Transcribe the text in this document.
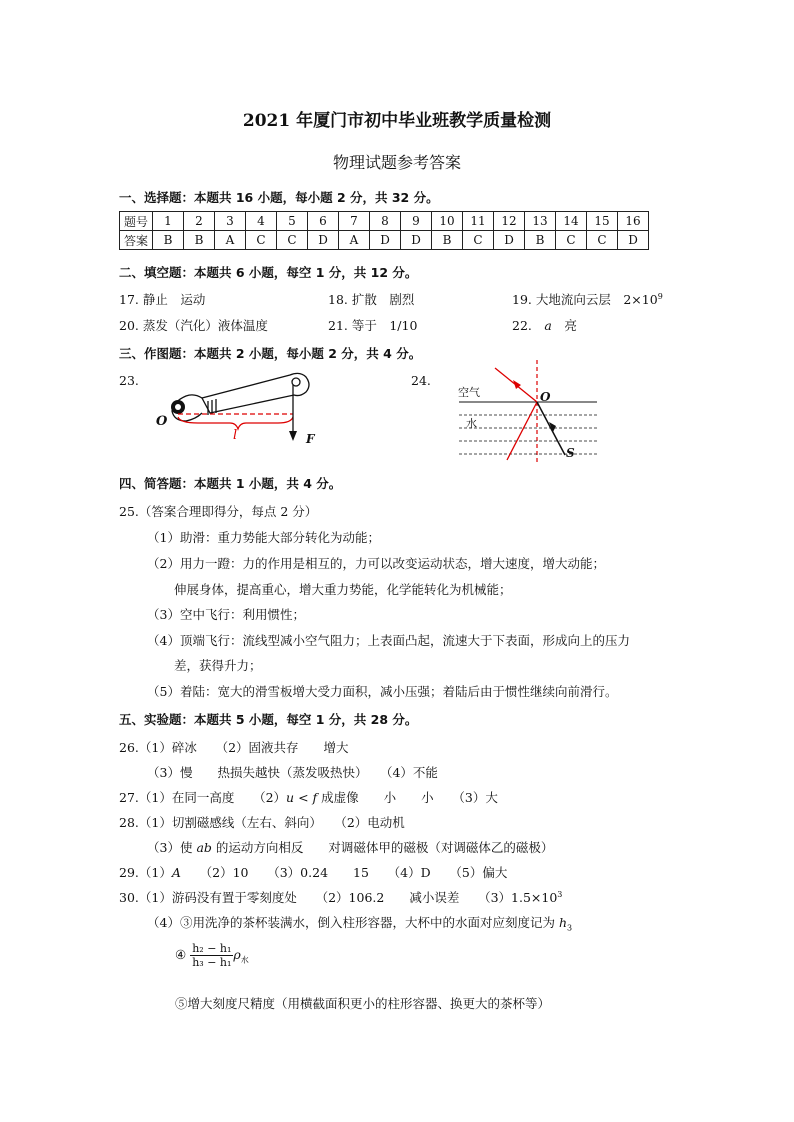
2021 年厦门市初中毕业班教学质量检测
物理试题参考答案
一、选择题：本题共 16 小题，每小题 2 分，共 32 分。
题号	1	2	3	4	5	6	7	8	9	10	11	12	13	14	15	16
答案	B	B	A	C	C	D	A	D	D	B	C	D	B	C	C	D
二、填空题：本题共 6 小题，每空 1 分，共 12 分。
17. 静止　运动	18. 扩散　剧烈	19. 大地流向云层　$2\times 10^9$
20. 蒸发（汽化）液体温度	21. 等于　1/10	22.　 a　 亮
三、作图题：本题共 2 小题，每小题 2 分，共 4 分。
23.	24.
O
l	F
空气
水
O
S
四、简答题：本题共 1 小题，共 4 分。
25.（答案合理即得分，每点 2 分）
（1）助滑：重力势能大部分转化为动能；
（2）用力一蹬：力的作用是相互的，力可以改变运动状态，增大速度，增大动能；
伸展身体，提高重心，增大重力势能，化学能转化为机械能；
（3）空中飞行：利用惯性；
（4）顶端飞行：流线型减小空气阻力；上表面凸起，流速大于下表面，形成向上的压力
差，获得升力；
（5）着陆：宽大的滑雪板增大受力面积，减小压强；着陆后由于惯性继续向前滑行。
五、实验题：本题共 5 小题，每空 1 分，共 28 分。
26.（1）碎冰　　（2）固液共存　　增大
（3）慢　　热损失越快（蒸发吸热快）　　（4）不能
27.（1）在同一高度　　（2）u < f 成虚像　　小　　小　　（3）大
28.（1）切割磁感线（左右、斜向）　　（2）电动机
（3）使 ab 的运动方向相反　　对调磁体甲的磁极（对调磁体乙的磁极）
29.（1）A　　（2）10　　（3）0.24　　15　　（4）D　　（5）偏大
30.（1）游码没有置于零刻度处　　（2）106.2　　减小误差　　$(3)1.5\times 10^3$
（4）③用洗净的茶杯装满水，倒入柱形容器，大杯中的水面对应刻度记为 $h_3$
④ $\frac{\text{h₂ − h₁}}{\text{h₃ − h₁}} \rho_水$
⑤增大刻度尺精度（用横截面积更小的柱形容器、换更大的茶杯等）
